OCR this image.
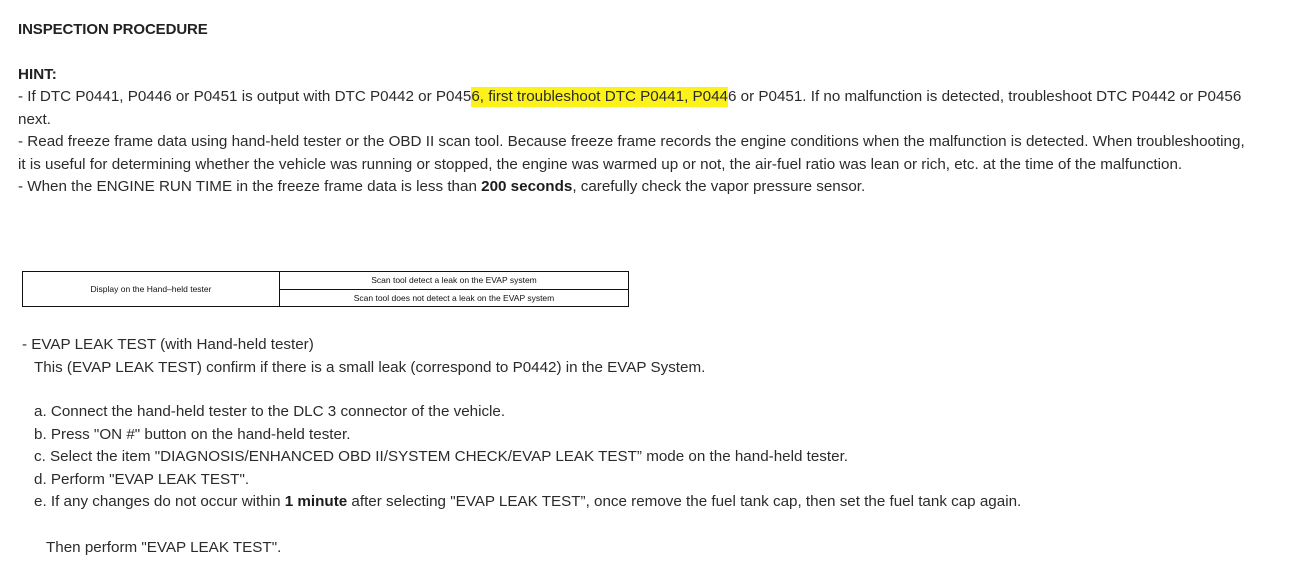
INSPECTION PROCEDURE
HINT:

- If DTC P0441, P0446 or P0451 is output with DTC P0442 or P0456, first troubleshoot DTC P0441, P0446 or P0451. If no malfunction is detected, troubleshoot DTC P0442 or P0456 next.

- Read freeze frame data using hand-held tester or the OBD II scan tool. Because freeze frame records the engine conditions when the malfunction is detected. When troubleshooting, it is useful for determining whether the vehicle was running or stopped, the engine was warmed up or not, the air-fuel ratio was lean or rich, etc. at the time of the malfunction.

- When the ENGINE RUN TIME in the freeze frame data is less than 200 seconds, carefully check the vapor pressure sensor.

Display on the Hand–held tester	Scan tool detect a leak on the EVAP system
Scan tool does not detect a leak on the EVAP system
- EVAP LEAK TEST (with Hand-held tester)
This (EVAP LEAK TEST) confirm if there is a small leak (correspond to P0442) in the EVAP System.
a. Connect the hand-held tester to the DLC 3 connector of the vehicle.
b. Press "ON #" button on the hand-held tester.
c. Select the item "DIAGNOSIS/ENHANCED OBD II/SYSTEM CHECK/EVAP LEAK TEST” mode on the hand-held tester.
d. Perform "EVAP LEAK TEST".
e. If any changes do not occur within 1 minute after selecting "EVAP LEAK TEST”, once remove the fuel tank cap, then set the fuel tank cap again.
Then perform "EVAP LEAK TEST".
